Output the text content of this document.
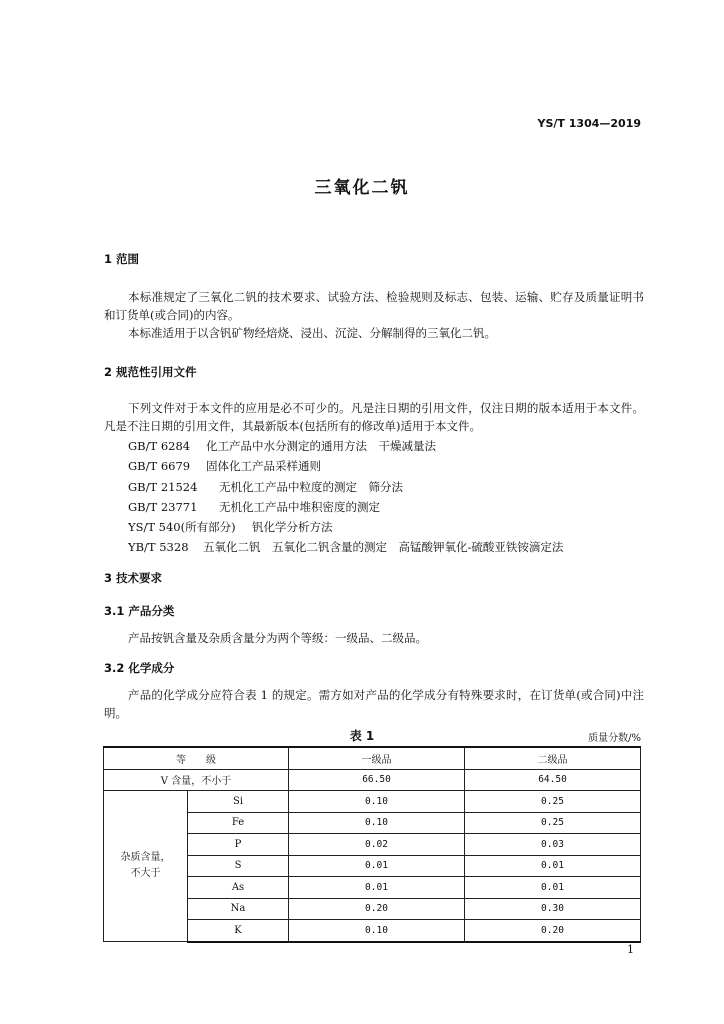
YS/T 1304—2019
三氧化二钒
1 范围

本标准规定了三氧化二钒的技术要求、试验方法、检验规则及标志、包装、运输、贮存及质量证明书和订货单(或合同)的内容。

本标准适用于以含钒矿物经焙烧、浸出、沉淀、分解制得的三氧化二钒。

2 规范性引用文件

下列文件对于本文件的应用是必不可少的。凡是注日期的引用文件，仅注日期的版本适用于本文件。凡是不注日期的引用文件，其最新版本(包括所有的修改单)适用于本文件。

GB/T 6284 化工产品中水分测定的通用方法　干燥减量法
GB/T 6679 固体化工产品采样通则
GB/T 21524 无机化工产品中粒度的测定　筛分法
GB/T 23771 无机化工产品中堆积密度的测定
YS/T 540(所有部分) 钒化学分析方法
YB/T 5328 五氧化二钒　五氧化二钒含量的测定　高锰酸钾氧化-硫酸亚铁铵滴定法
3 技术要求
3.1 产品分类

产品按钒含量及杂质含量分为两个等级：一级品、二级品。

3.2 化学成分

产品的化学成分应符合表 1 的规定。需方如对产品的化学成分有特殊要求时，在订货单(或合同)中注明。

表 1	质量分数/%
等　　级		一级品	二级品
V 含量，不小于		66.50	64.50
杂质含量，
不大于	Si	0.10	0.25
	Fe	0.10	0.25
	P	0.02	0.03
	S	0.01	0.01
	As	0.01	0.01
	Na	0.20	0.30
	K	0.10	0.20
1
